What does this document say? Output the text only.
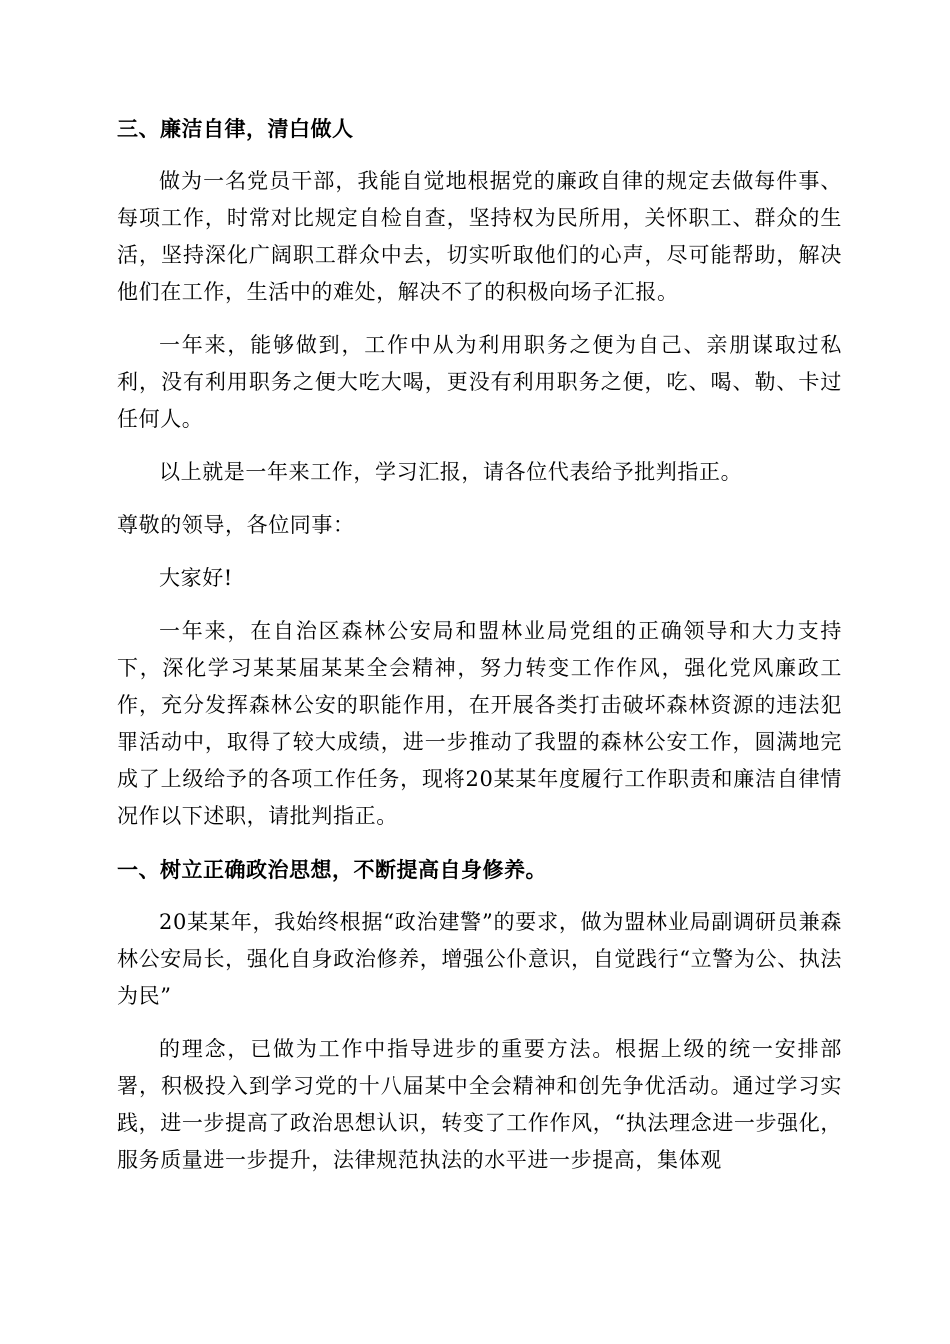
三、廉洁自律，清白做人

做为一名党员干部，我能自觉地根据党的廉政自律的规定去做每件事、每项工作，时常对比规定自检自查，坚持权为民所用，关怀职工、群众的生活，坚持深化广阔职工群众中去，切实听取他们的心声，尽可能帮助，解决他们在工作，生活中的难处，解决不了的积极向场子汇报。

一年来，能够做到，工作中从为利用职务之便为自己、亲朋谋取过私利，没有利用职务之便大吃大喝，更没有利用职务之便，吃、喝、勒、卡过任何人。

以上就是一年来工作，学习汇报，请各位代表给予批判指正。

尊敬的领导，各位同事：

大家好!

一年来，在自治区森林公安局和盟林业局党组的正确领导和大力支持下，深化学习某某届某某全会精神，努力转变工作作风，强化党风廉政工作，充分发挥森林公安的职能作用，在开展各类打击破坏森林资源的违法犯罪活动中，取得了较大成绩，进一步推动了我盟的森林公安工作，圆满地完成了上级给予的各项工作任务，现将20某某年度履行工作职责和廉洁自律情况作以下述职，请批判指正。

一、树立正确政治思想，不断提高自身修养。

20某某年，我始终根据“政治建警”的要求，做为盟林业局副调研员兼森林公安局长，强化自身政治修养，增强公仆意识，自觉践行“立警为公、执法为民”

的理念，已做为工作中指导进步的重要方法。根据上级的统一安排部署，积极投入到学习党的十八届某中全会精神和创先争优活动。通过学习实践，进一步提高了政治思想认识，转变了工作作风，“执法理念进一步强化，服务质量进一步提升，法律规范执法的水平进一步提高，集体观
